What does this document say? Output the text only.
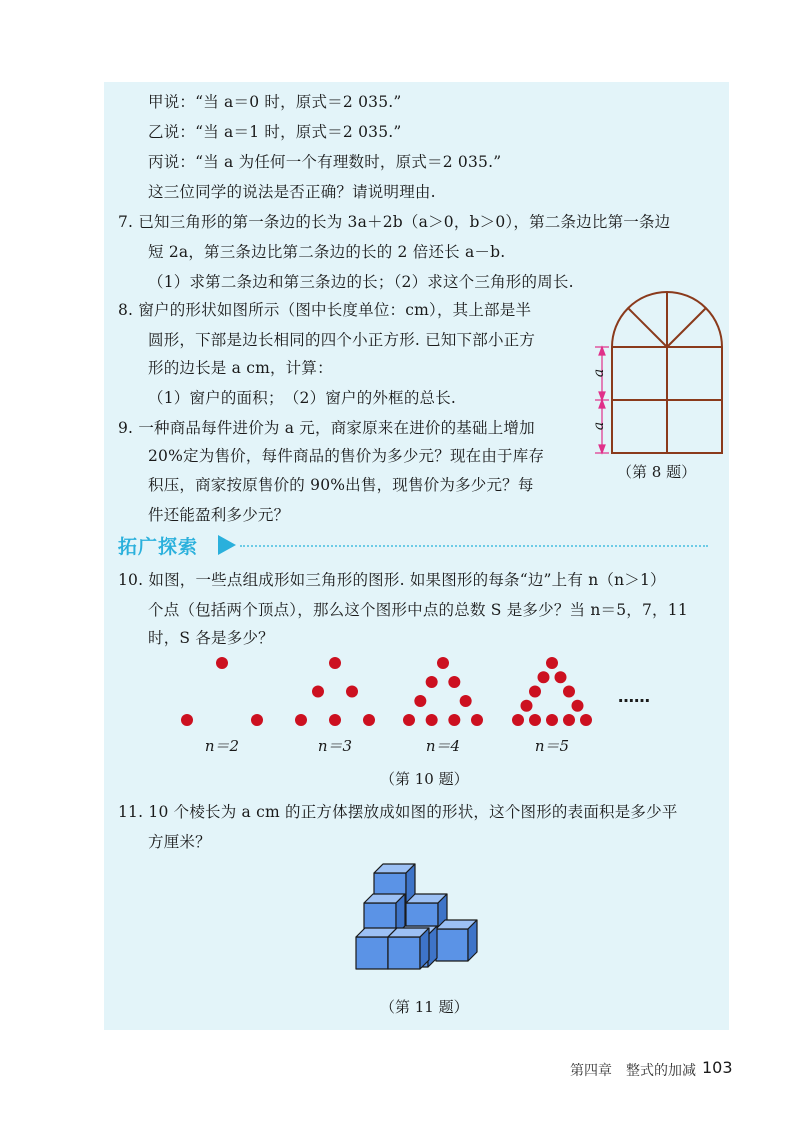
甲说：“当 a＝0 时，原式＝2 035.”
乙说：“当 a＝1 时，原式＝2 035.”
丙说：“当 a 为任何一个有理数时，原式＝2 035.”
这三位同学的说法是否正确？请说明理由.
7. 已知三角形的第一条边的长为 3a＋2b（a＞0，b＞0），第二条边比第一条边
短 2a，第三条边比第二条边的长的 2 倍还长 a－b.
（1）求第二条边和第三条边的长；（2）求这个三角形的周长.
8. 窗户的形状如图所示（图中长度单位：cm），其上部是半
圆形，下部是边长相同的四个小正方形. 已知下部小正方
形的边长是 a cm，计算：
（1）窗户的面积；　（2）窗户的外框的总长.
9. 一种商品每件进价为 a 元，商家原来在进价的基础上增加
20%定为售价，每件商品的售价为多少元？现在由于库存
积压，商家按原售价的 90%出售，现售价为多少元？每
件还能盈利多少元？
拓广探索
10. 如图，一些点组成形如三角形的图形. 如果图形的每条“边”上有 n（n＞1）
个点（包括两个顶点），那么这个图形中点的总数 S 是多少？当 n＝5，7，11
时，S 各是多少？
11. 10 个棱长为 a cm 的正方体摆放成如图的形状，这个图形的表面积是多少平
方厘米？
a
a
（第 8 题）
n＝2	n＝3	n＝4	n＝5
……
（第 10 题）
（第 11 题）
第四章　整式的加减 103
